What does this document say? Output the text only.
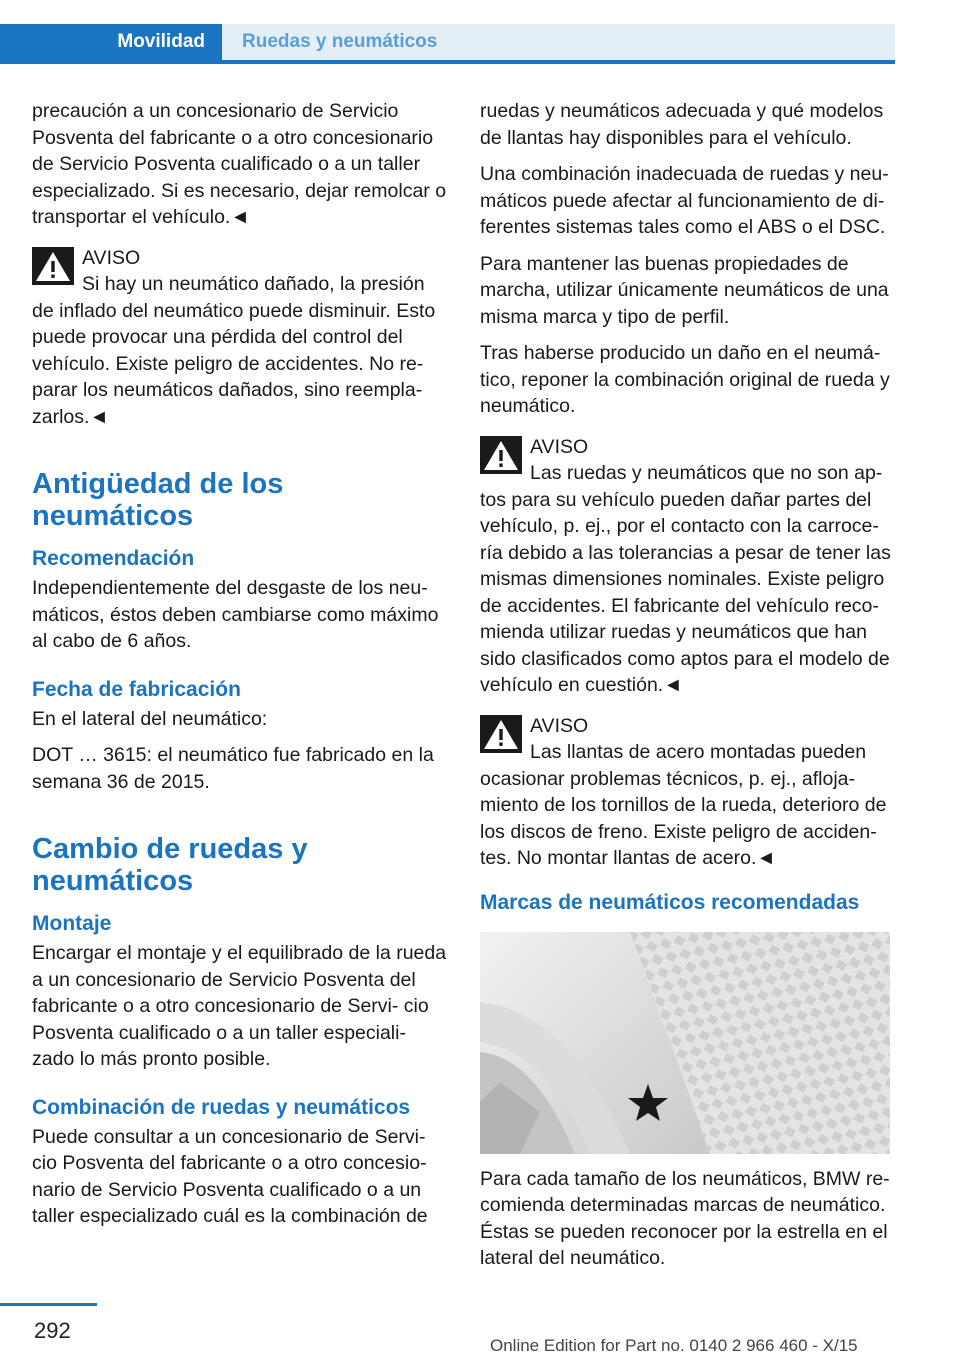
Movilidad	Ruedas y neumáticos

precaución a un concesionario de Servicio Posventa del fabricante o a otro concesionario de Servicio Posventa cualificado o a un taller especializado. Si es necesario, dejar remolcar o transportar el vehículo.◄

AVISO

Si hay un neumático dañado, la presión de inflado del neumático puede disminuir. Esto puede provocar una pérdida del control del vehículo. Existe peligro de accidentes. No re- parar los neumáticos dañados, sino reempla- zarlos.◄

Antigüedad de los neumáticos
Recomendación

Independientemente del desgaste de los neu- máticos, éstos deben cambiarse como máximo al cabo de 6 años.

Fecha de fabricación

En el lateral del neumático:

DOT … 3615: el neumático fue fabricado en la semana 36 de 2015.

Cambio de ruedas y neumáticos
Montaje

Encargar el montaje y el equilibrado de la rueda a un concesionario de Servicio Posventa del fabricante o a otro concesionario de Servi- cio Posventa cualificado o a un taller especiali- zado lo más pronto posible.

Combinación de ruedas y neumáticos

Puede consultar a un concesionario de Servi- cio Posventa del fabricante o a otro concesio- nario de Servicio Posventa cualificado o a un taller especializado cuál es la combinación de

ruedas y neumáticos adecuada y qué modelos de llantas hay disponibles para el vehículo.

Una combinación inadecuada de ruedas y neu- máticos puede afectar al funcionamiento de di- ferentes sistemas tales como el ABS o el DSC.

Para mantener las buenas propiedades de marcha, utilizar únicamente neumáticos de una misma marca y tipo de perfil.

Tras haberse producido un daño en el neumá- tico, reponer la combinación original de rueda y neumático.

AVISO

Las ruedas y neumáticos que no son ap- tos para su vehículo pueden dañar partes del vehículo, p. ej., por el contacto con la carroce- ría debido a las tolerancias a pesar de tener las mismas dimensiones nominales. Existe peligro de accidentes. El fabricante del vehículo reco- mienda utilizar ruedas y neumáticos que han sido clasificados como aptos para el modelo de vehículo en cuestión.◄

AVISO

Las llantas de acero montadas pueden ocasionar problemas técnicos, p. ej., afloja- miento de los tornillos de la rueda, deterioro de los discos de freno. Existe peligro de acciden- tes. No montar llantas de acero.◄

Marcas de neumáticos recomendadas

Para cada tamaño de los neumáticos, BMW re- comienda determinadas marcas de neumático. Éstas se pueden reconocer por la estrella en el lateral del neumático.

292
Online Edition for Part no. 0140 2 966 460 - X/15
